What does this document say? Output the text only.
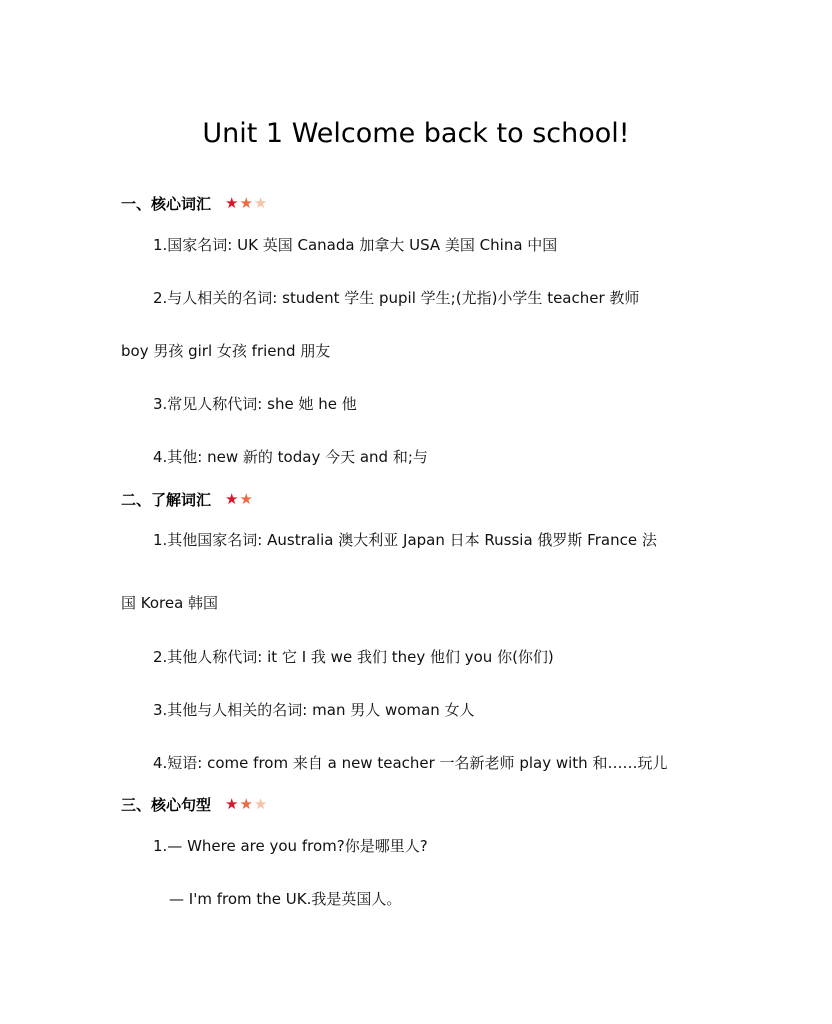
Unit 1 Welcome back to school!
一、核心词汇 ★ ★ ★
1.国家名词: UK 英国 Canada 加拿大 USA 美国 China 中国
2.与人相关的名词: student 学生 pupil 学生;(尤指)小学生 teacher 教师
boy 男孩 girl 女孩 friend 朋友
3.常见人称代词: she 她 he 他
4.其他: new 新的 today 今天 and 和;与
二、了解词汇 ★ ★
1.其他国家名词: Australia 澳大利亚 Japan 日本 Russia 俄罗斯 France 法
国 Korea 韩国
2.其他人称代词: it 它 I 我 we 我们 they 他们 you 你(你们)
3.其他与人相关的名词: man 男人 woman 女人
4.短语: come from 来自 a new teacher 一名新老师 play with 和……玩儿
三、核心句型 ★ ★ ★
1.— Where are you from?你是哪里人?
— I'm from the UK.我是英国人。
